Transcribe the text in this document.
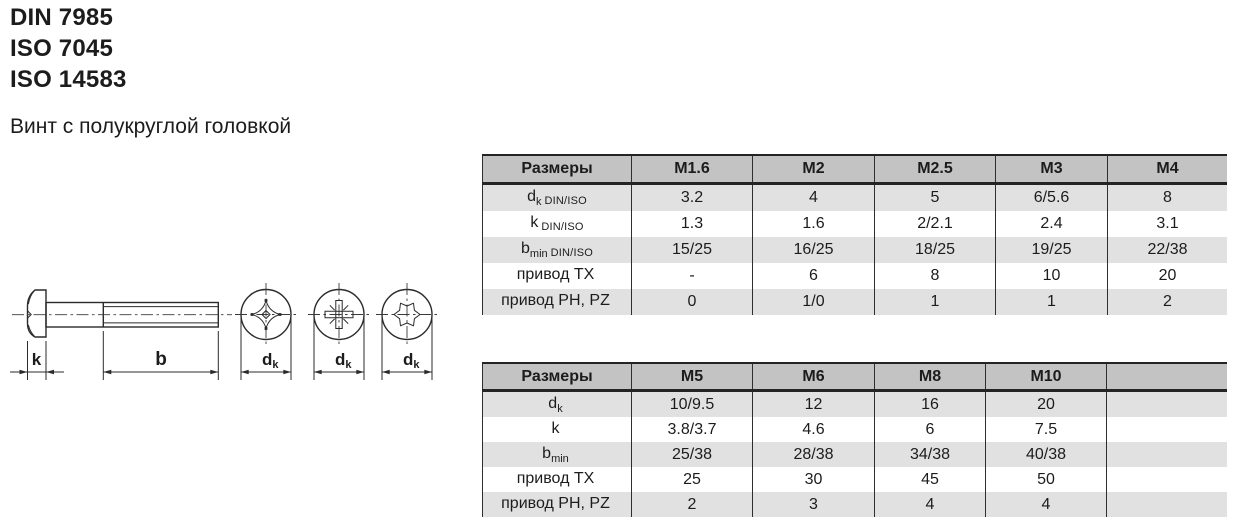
DIN 7985
ISO 7045
ISO 14583
Винт с полукруглой головкой
k	b	dk	dk	dk
Размеры	M1.6	M2	M2.5	M3	M4
$d_k$ DIN/ISO	3.2	4	5	6/5.6	8
k DIN/ISO	1.3	1.6	2/2.1	2.4	3.1
$b_{min}$ DIN/ISO	15/25	16/25	18/25	19/25	22/38
привод TX	-	6	8	10	20
привод PH, PZ	0	1/0	1	1	2
Размеры	M5	M6	M8	M10	
$d_k$	10/9.5	12	16	20	
k	3.8/3.7	4.6	6	7.5	
$b_{min}$	25/38	28/38	34/38	40/38	
привод TX	25	30	45	50	
привод PH, PZ	2	3	4	4	
